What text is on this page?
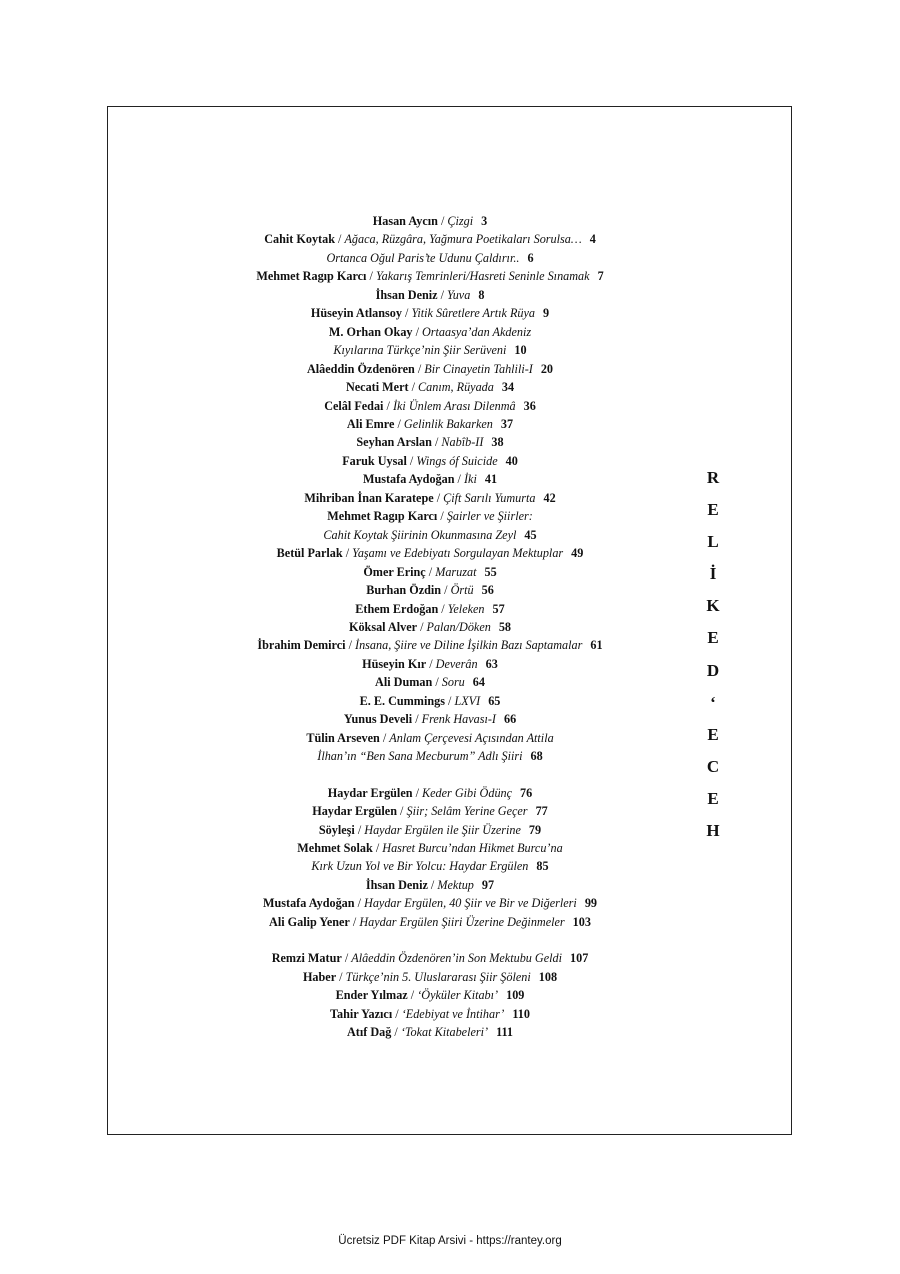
Hasan Aycın / Çizgi 3
Cahit Koytak / Ağaca, Rüzgâra, Yağmura Poetikaları Sorulsa… 4
Ortanca Oğul Paris’te Udunu Çaldırır.. 6
Mehmet Ragıp Karcı / Yakarış Temrinleri/Hasreti Seninle Sınamak 7
İhsan Deniz / Yuva 8
Hüseyin Atlansoy / Yitik Sûretlere Artık Rüya 9
M. Orhan Okay / Ortaasya’dan Akdeniz
Kıyılarına Türkçe’nin Şiir Serüveni 10
Alâeddin Özdenören / Bir Cinayetin Tahlili-I 20
Necati Mert / Canım, Rüyada 34
Celâl Fedai / İki Ünlem Arası Dilenmâ 36
Ali Emre / Gelinlik Bakarken 37
Seyhan Arslan / Nabîb-II 38
Faruk Uysal / Wings óf Suicide 40
Mustafa Aydoğan / İki 41
Mihriban İnan Karatepe / Çift Sarılı Yumurta 42
Mehmet Ragıp Karcı / Şairler ve Şiirler:
Cahit Koytak Şiirinin Okunmasına Zeyl 45
Betül Parlak / Yaşamı ve Edebiyatı Sorgulayan Mektuplar 49
Ömer Erinç / Maruzat 55
Burhan Özdin / Örtü 56
Ethem Erdoğan / Yeleken 57
Köksal Alver / Palan/Döken 58
İbrahim Demirci / İnsana, Şiire ve Diline İşilkin Bazı Saptamalar 61
Hüseyin Kır / Deverân 63
Ali Duman / Soru 64
E. E. Cummings / LXVI 65
Yunus Develi / Frenk Havası-I 66
Tülin Arseven / Anlam Çerçevesi Açısından Attila
İlhan’ın “Ben Sana Mecburum” Adlı Şiiri 68
Haydar Ergülen / Keder Gibi Ödünç 76
Haydar Ergülen / Şiir; Selâm Yerine Geçer 77
Söyleşi / Haydar Ergülen ile Şiir Üzerine 79
Mehmet Solak / Hasret Burcu’ndan Hikmet Burcu’na
Kırk Uzun Yol ve Bir Yolcu: Haydar Ergülen 85
İhsan Deniz / Mektup 97
Mustafa Aydoğan / Haydar Ergülen, 40 Şiir ve Bir ve Diğerleri 99
Ali Galip Yener / Haydar Ergülen Şiiri Üzerine Değinmeler 103
Remzi Matur / Alâeddin Özdenören’in Son Mektubu Geldi 107
Haber / Türkçe’nin 5. Uluslararası Şiir Şöleni 108
Ender Yılmaz / ‘Öyküler Kitabı’ 109
Tahir Yazıcı / ‘Edebiyat ve İntihar’ 110
Atıf Dağ / ‘Tokat Kitabeleri’ 111
R
E
L
İ
K
E
D
‘
E
C
E
H
Ücretsiz PDF Kitap Arsivi - https://rantey.org
